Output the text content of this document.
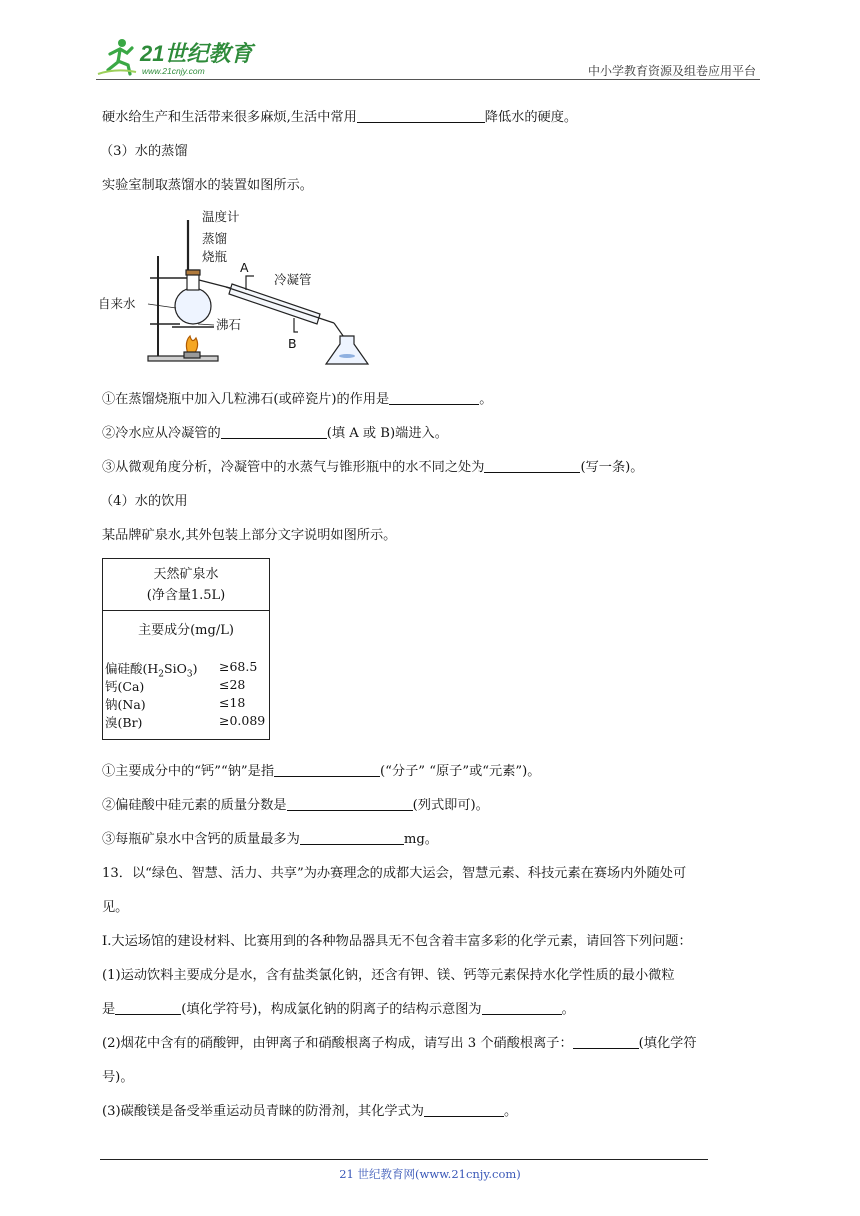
21世纪教育
www.21cnjy.com	中小学教育资源及组卷应用平台
硬水给生产和生活带来很多麻烦,生活中常用	降低水的硬度。
（3）水的蒸馏
实验室制取蒸馏水的装置如图所示。
①在蒸馏烧瓶中加入几粒沸石(或碎瓷片)的作用是	。
②冷水应从冷凝管的	(填 A 或 B)端进入。
③从微观角度分析，冷凝管中的水蒸气与锥形瓶中的水不同之处为	(写一条)。
（4）水的饮用
某品牌矿泉水,其外包装上部分文字说明如图所示。
①主要成分中的“钙”“钠”是指	(“分子” “原子”或“元素”)。
②偏硅酸中硅元素的质量分数是	(列式即可)。
③每瓶矿泉水中含钙的质量最多为	mg。
13．以“绿色、智慧、活力、共享”为办赛理念的成都大运会，智慧元素、科技元素在赛场内外随处可
见。
I.大运场馆的建设材料、比赛用到的各种物品器具无不包含着丰富多彩的化学元素，请回答下列问题：
(1)运动饮料主要成分是水，含有盐类氯化钠，还含有钾、镁、钙等元素保持水化学性质的最小微粒
是	(填化学符号)，构成氯化钠的阴离子的结构示意图为	。
(2)烟花中含有的硝酸钾，由钾离子和硝酸根离子构成，请写出 3 个硝酸根离子：	(填化学符
号)。
(3)碳酸镁是备受举重运动员青睐的防滑剂，其化学式为	。
温度计
蒸馏
烧瓶
A
冷凝管
自来水
沸石
B
天然矿泉水
(净含量1.5L)
主要成分(mg/L)
偏硅酸$(H_2SiO_3) \ge 68.5$
钙(Ca)	≤28
钠(Na)	≤18
溴(Br)	≥0.089
21 世纪教育网(www.21cnjy.com)
